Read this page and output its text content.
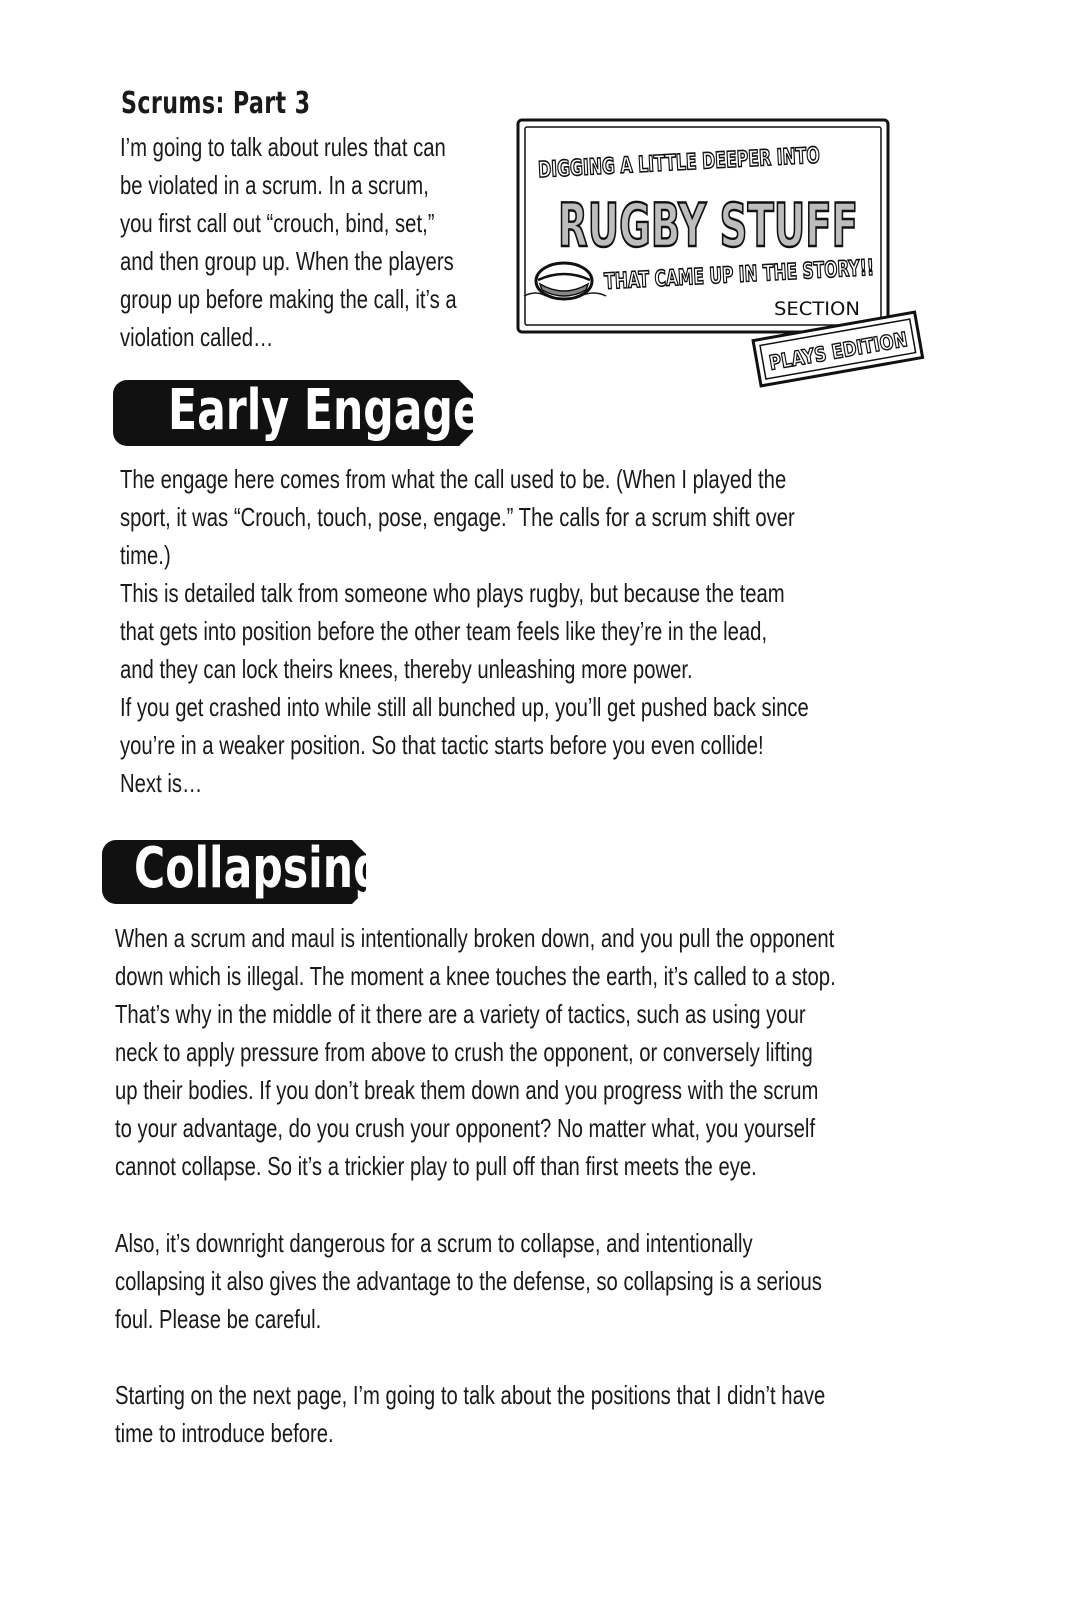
Scrums: Part 3

I’m going to talk about rules that can
be violated in a scrum. In a scrum,
you first call out “crouch, bind, set,”
and then group up. When the players
group up before making the call, it’s a
violation called…

DIGGING A LITTLE DEEPER INTO
RUGBY STUFF
THAT CAME UP IN THE STORY!!
SECTION
PLAYS EDITION
Early Engage

The engage here comes from what the call used to be. (When I played the
sport, it was “Crouch, touch, pose, engage.” The calls for a scrum shift over
time.)
This is detailed talk from someone who plays rugby, but because the team
that gets into position before the other team feels like they’re in the lead,
and they can lock theirs knees, thereby unleashing more power.
If you get crashed into while still all bunched up, you’ll get pushed back since
you’re in a weaker position. So that tactic starts before you even collide!
Next is…

Collapsing

When a scrum and maul is intentionally broken down, and you pull the opponent
down which is illegal. The moment a knee touches the earth, it’s called to a stop.
That’s why in the middle of it there are a variety of tactics, such as using your
neck to apply pressure from above to crush the opponent, or conversely lifting
up their bodies. If you don’t break them down and you progress with the scrum
to your advantage, do you crush your opponent? No matter what, you yourself
cannot collapse. So it’s a trickier play to pull off than first meets the eye.

Also, it’s downright dangerous for a scrum to collapse, and intentionally
collapsing it also gives the advantage to the defense, so collapsing is a serious
foul. Please be careful.

Starting on the next page, I’m going to talk about the positions that I didn’t have
time to introduce before.
